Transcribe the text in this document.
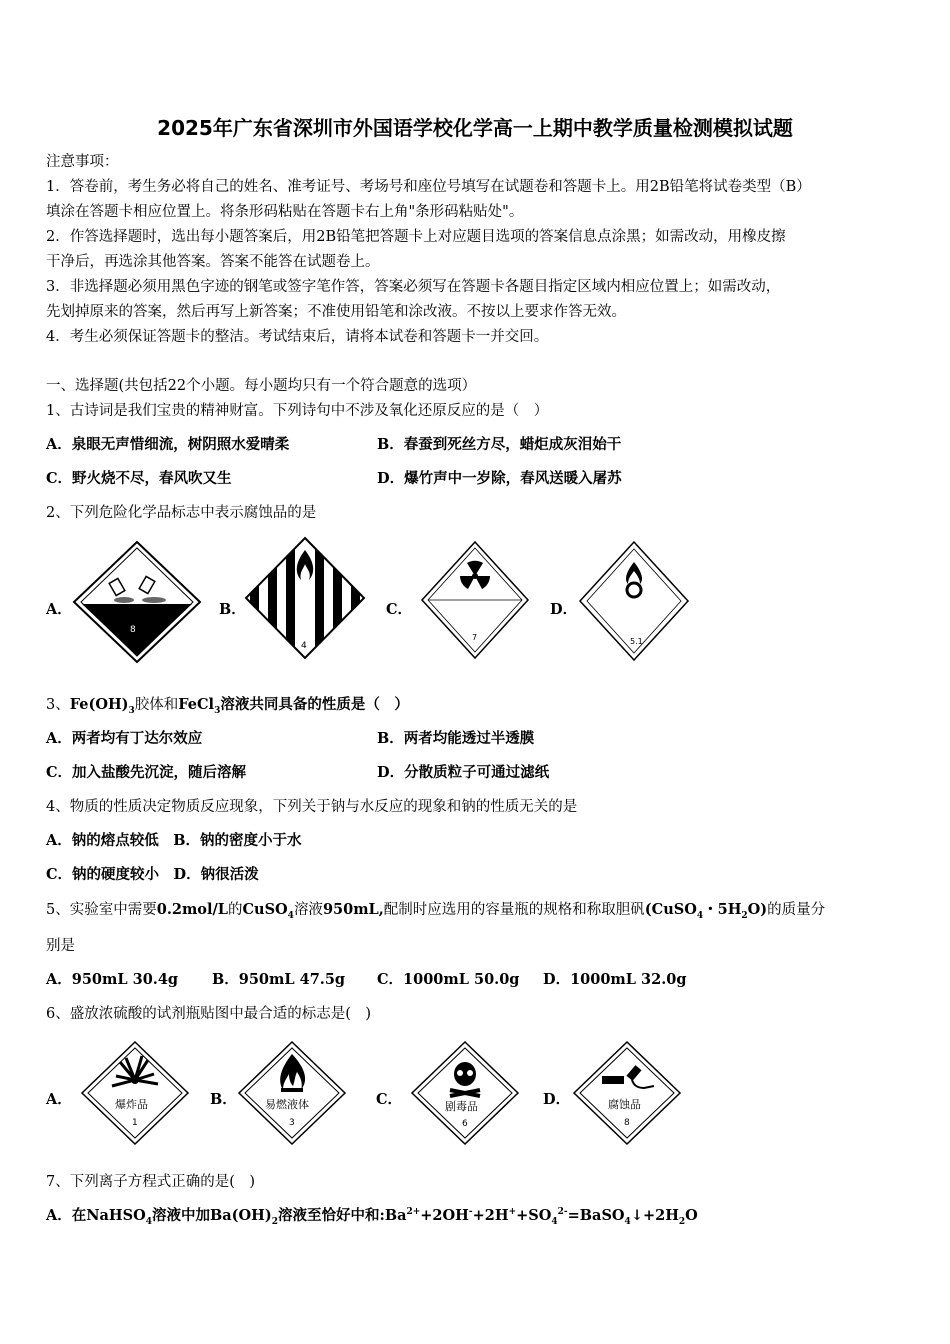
2025年广东省深圳市外国语学校化学高一上期中教学质量检测模拟试题
注意事项：
1．答卷前，考生务必将自己的姓名、准考证号、考场号和座位号填写在试题卷和答题卡上。用2B铅笔将试卷类型（B）
填涂在答题卡相应位置上。将条形码粘贴在答题卡右上角"条形码粘贴处"。
2．作答选择题时，选出每小题答案后，用2B铅笔把答题卡上对应题目选项的答案信息点涂黑；如需改动，用橡皮擦
干净后，再选涂其他答案。答案不能答在试题卷上。
3．非选择题必须用黑色字迹的钢笔或签字笔作答，答案必须写在答题卡各题目指定区域内相应位置上；如需改动，
先划掉原来的答案，然后再写上新答案；不准使用铅笔和涂改液。不按以上要求作答无效。
4．考生必须保证答题卡的整洁。考试结束后，请将本试卷和答题卡一并交回。
一、选择题(共包括22个小题。每小题均只有一个符合题意的选项）
1、古诗词是我们宝贵的精神财富。下列诗句中不涉及氧化还原反应的是（　）
A．泉眼无声惜细流，树阴照水爱晴柔	B．春蚕到死丝方尽，蜡炬成灰泪始干
C．野火烧不尽，春风吹又生	D．爆竹声中一岁除，春风送暖入屠苏
2、下列危险化学品标志中表示腐蚀品的是
A．
8
B．
4
C．
7
D．
5.1
3、$Fe(OH)_3$胶体和FeCl$_3$溶液共同具备的性质是（　）
A．两者均有丁达尔效应	B．两者均能透过半透膜
C．加入盐酸先沉淀，随后溶解	D．分散质粒子可通过滤纸
4、物质的性质决定物质反应现象，下列关于钠与水反应的现象和钠的性质无关的是
A．钠的熔点较低　B．钠的密度小于水
C．钠的硬度较小　D．钠很活泼
5、实验室中需要0.2mol/L的CuSO$_4$溶液950mL,配制时应选用的容量瓶的规格和称取胆矾(CuSO$_4$・$5H_2O$)的质量分
别是
A．950mL 30.4g B．950mL 47.5g C．1000mL 50.0g D．1000mL 32.0g
6、盛放浓硫酸的试剂瓶贴图中最合适的标志是(　)
A．	爆炸品
1
B．	易燃液体
3
C．	剧毒品
6
D．	腐蚀品
8
7、下列离子方程式正确的是(　)
A．在NaHSO$_4$溶液中加$Ba(OH)_2$溶液至恰好中和$:Ba^{2+}+2OH^-+2H^++SO_4^{2-}=BaSO_4↓+2H_2O$
